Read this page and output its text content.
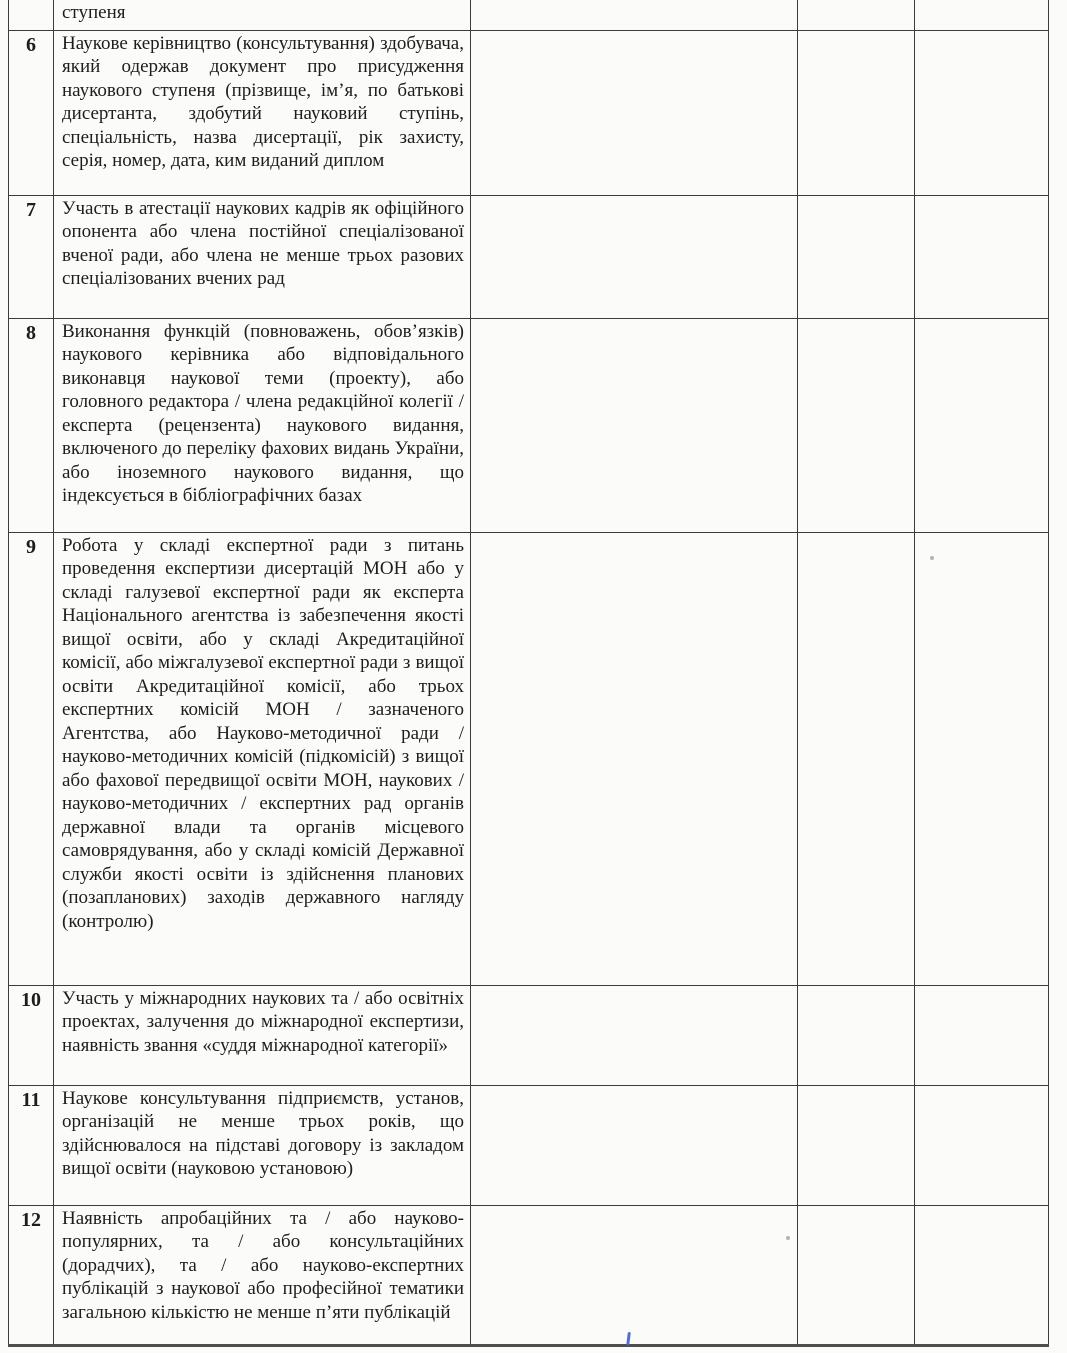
	ступеня			
6	Наукове керівництво (консультування) здобувача, який одержав документ про присудження наукового ступеня (прізвище, ім’я, по батькові дисертанта, здобутий науковий ступінь, спеціальність, назва дисертації, рік захисту, серія, номер, дата, ким виданий диплом			
7	Участь в атестації наукових кадрів як офіційного опонента або члена постійної спеціалізованої вченої ради, або члена не менше трьох разових спеціалізованих вчених рад			
8	Виконання функцій (повноважень, обов’язків) наукового керівника або відповідального виконавця наукової теми (проекту), або головного редактора / члена редакційної колегії / експерта (рецензента) наукового видання, включеного до переліку фахових видань України, або іноземного наукового видання, що індексується в бібліографічних базах			
9	Робота у складі експертної ради з питань проведення експертизи дисертацій МОН або у складі галузевої експертної ради як експерта Національного агентства із забезпечення якості вищої освіти, або у складі Акредитаційної комісії, або міжгалузевої експертної ради з вищої освіти Акредитаційної комісії, або трьох експертних комісій МОН / зазначеного Агентства, або Науково-методичної ради / науково-методичних комісій (підкомісій) з вищої або фахової передвищої освіти МОН, наукових / науково-методичних / експертних рад органів державної влади та органів місцевого самоврядування, або у складі комісій Державної служби якості освіти із здійснення планових (позапланових) заходів державного нагляду (контролю)			
10	Участь у міжнародних наукових та / або освітніх проектах, залучення до міжнародної експертизи, наявність звання «суддя міжнародної категорії»			
11	Наукове консультування підприємств, установ, організацій не менше трьох років, що здійснювалося на підставі договору із закладом вищої освіти (науковою установою)			
12	Наявність апробаційних та / або науково-популярних, та / або консультаційних (дорадчих), та / або науково-експертних публікацій з наукової або професійної тематики загальною кількістю не менше п’яти публікацій			
